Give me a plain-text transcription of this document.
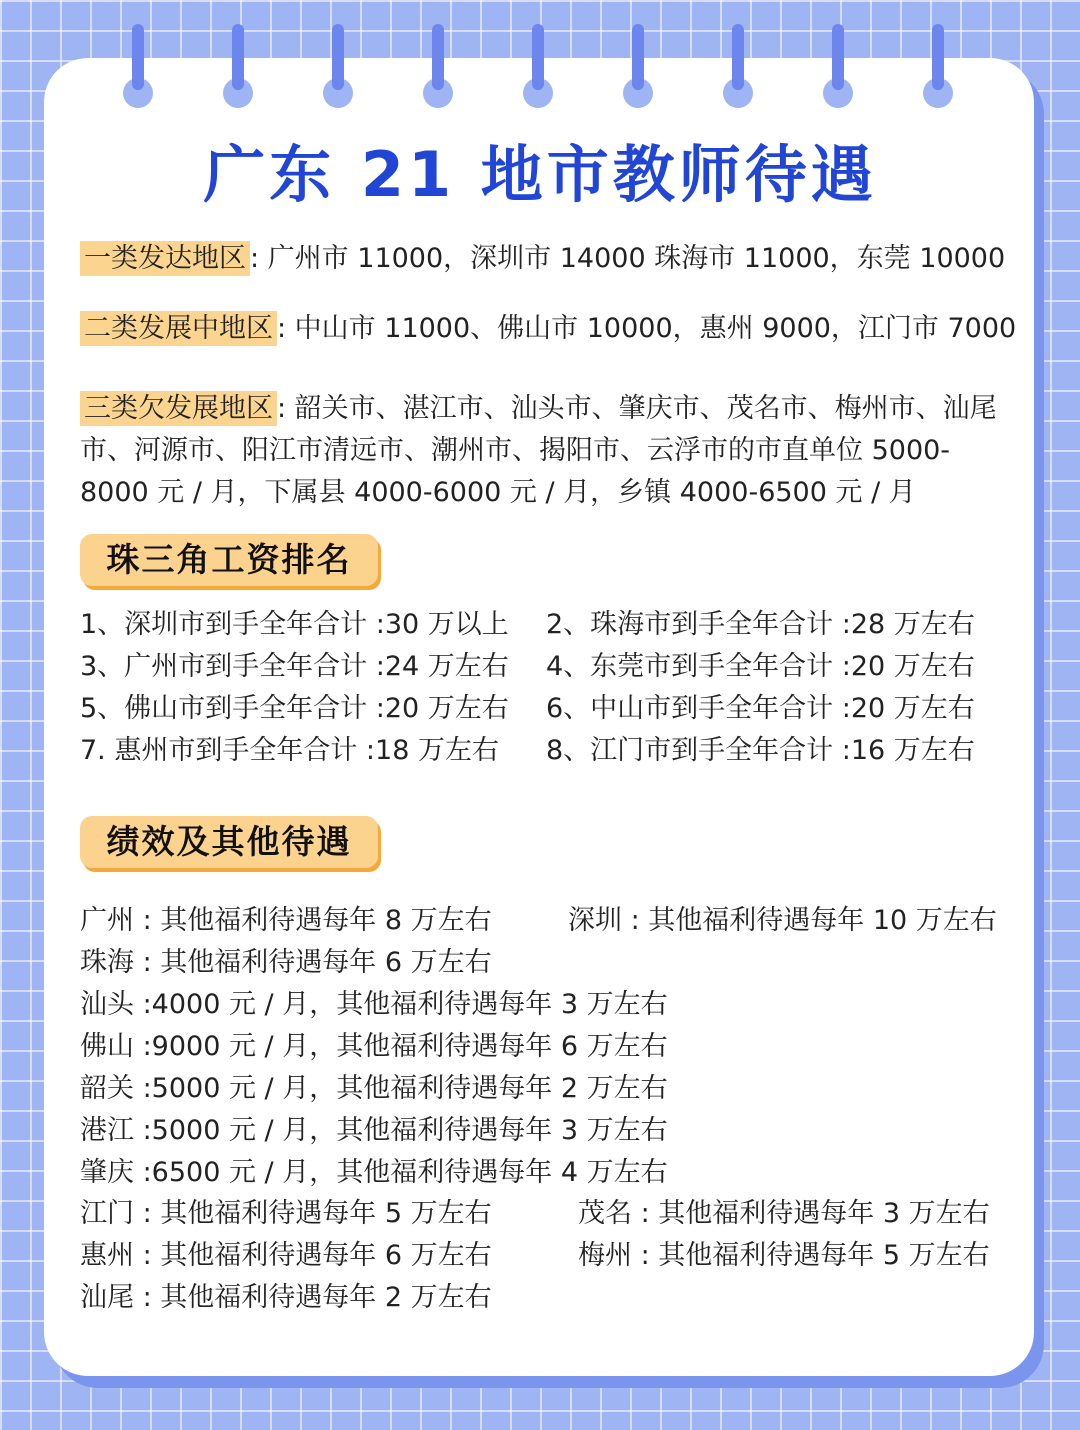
广东 21 地市教师待遇
一类发达地区 : 广州市 11000，深圳市 14000 珠海市 11000，东莞 10000
二类发展中地区 : 中山市 11000、佛山市 10000，惠州 9000，江门市 7000
三类欠发展地区 : 韶关市、湛江市、汕头市、肇庆市、茂名市、梅州市、汕尾市、河源市、阳江市清远市、潮州市、揭阳市、云浮市的市直单位 5000-8000 元 / 月，下属县 4000-6000 元 / 月，乡镇 4000-6500 元 / 月
珠三角工资排名
1、深圳市到手全年合计 :30 万以上 2、珠海市到手全年合计 :28 万左右
3、广州市到手全年合计 :24 万左右 4、东莞市到手全年合计 :20 万左右
5、佛山市到手全年合计 :20 万左右 6、中山市到手全年合计 :20 万左右
7. 惠州市到手全年合计 :18 万左右 8、江门市到手全年合计 :16 万左右
绩效及其他待遇
广州 : 其他福利待遇每年 8 万左右	深圳 : 其他福利待遇每年 10 万左右
珠海 : 其他福利待遇每年 6 万左右
汕头 :4000 元 / 月，其他福利待遇每年 3 万左右
佛山 :9000 元 / 月，其他福利待遇每年 6 万左右
韶关 :5000 元 / 月，其他福利待遇每年 2 万左右
港江 :5000 元 / 月，其他福利待遇每年 3 万左右
肇庆 :6500 元 / 月，其他福利待遇每年 4 万左右
江门 : 其他福利待遇每年 5 万左右	茂名 : 其他福利待遇每年 3 万左右
惠州 : 其他福利待遇每年 6 万左右	梅州 : 其他福利待遇每年 5 万左右
汕尾 : 其他福利待遇每年 2 万左右
